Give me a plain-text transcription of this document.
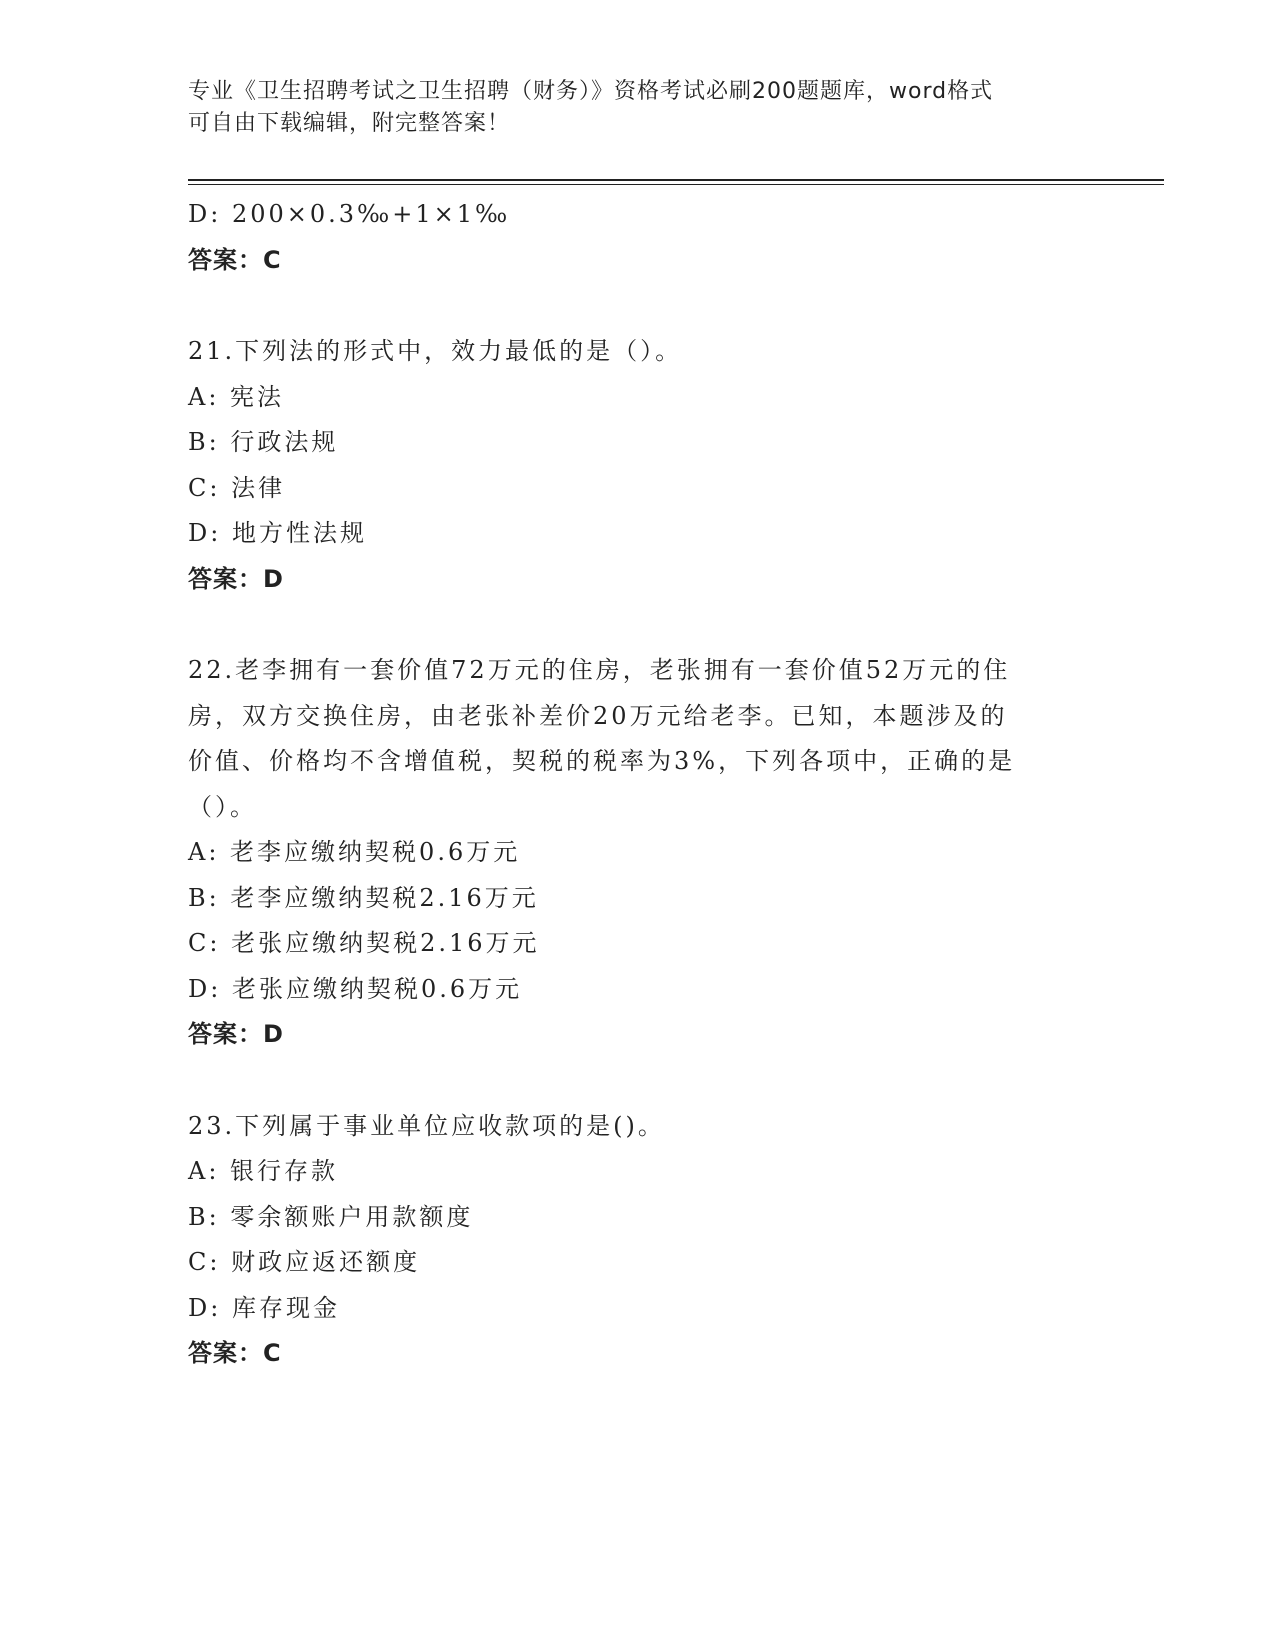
专业《卫生招聘考试之卫生招聘（财务）》资格考试必刷200题题库，word格式
可自由下载编辑，附完整答案！
D: 200×0.3‰+1×1‰
答案：C
21.下列法的形式中，效力最低的是（）。
A: 宪法
B: 行政法规
C: 法律
D: 地方性法规
答案：D
22.老李拥有一套价值72万元的住房，老张拥有一套价值52万元的住
房，双方交换住房，由老张补差价20万元给老李。已知，本题涉及的
价值、价格均不含增值税，契税的税率为3%，下列各项中，正确的是
（）。
A: 老李应缴纳契税0.6万元
B: 老李应缴纳契税2.16万元
C: 老张应缴纳契税2.16万元
D: 老张应缴纳契税0.6万元
答案：D
23.下列属于事业单位应收款项的是()。
A: 银行存款
B: 零余额账户用款额度
C: 财政应返还额度
D: 库存现金
答案：C
